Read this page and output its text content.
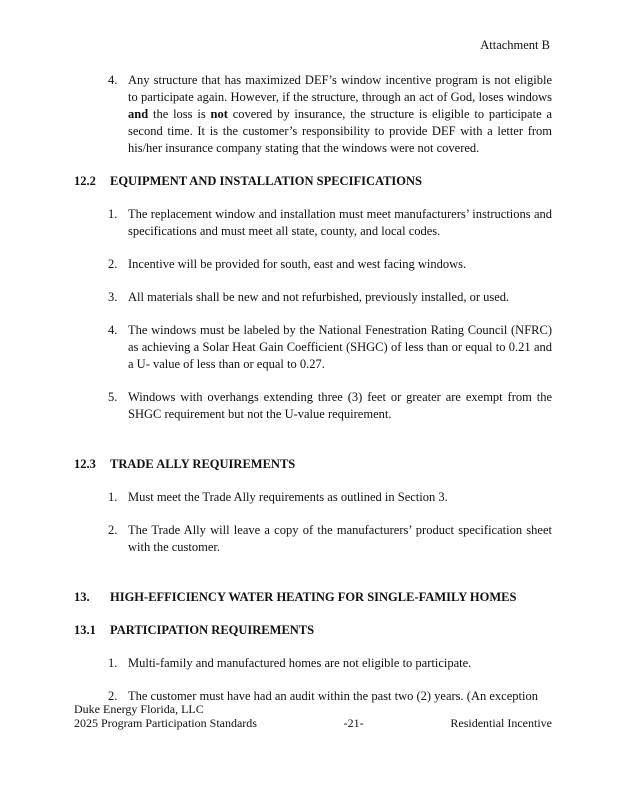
Attachment B
4. Any structure that has maximized DEF’s window incentive program is not eligible to participate again. However, if the structure, through an act of God, loses windows and the loss is not covered by insurance, the structure is eligible to participate a second time. It is the customer’s responsibility to provide DEF with a letter from his/her insurance company stating that the windows were not covered.
12.2	EQUIPMENT AND INSTALLATION SPECIFICATIONS
1. The replacement window and installation must meet manufacturers’ instructions and specifications and must meet all state, county, and local codes.
2. Incentive will be provided for south, east and west facing windows.
3. All materials shall be new and not refurbished, previously installed, or used.
4. The windows must be labeled by the National Fenestration Rating Council (NFRC) as achieving a Solar Heat Gain Coefficient (SHGC) of less than or equal to 0.21 and a U- value of less than or equal to 0.27.
5. Windows with overhangs extending three (3) feet or greater are exempt from the SHGC requirement but not the U-value requirement.
12.3	TRADE ALLY REQUIREMENTS
1. Must meet the Trade Ally requirements as outlined in Section 3.
2. The Trade Ally will leave a copy of the manufacturers’ product specification sheet with the customer.
13.	HIGH-EFFICIENCY WATER HEATING FOR SINGLE-FAMILY HOMES
13.1	PARTICIPATION REQUIREMENTS
1. Multi-family and manufactured homes are not eligible to participate.
2. The customer must have had an audit within the past two (2) years. (An exception
Duke Energy Florida, LLC
2025 Program Participation Standards	-21-	Residential Incentive
